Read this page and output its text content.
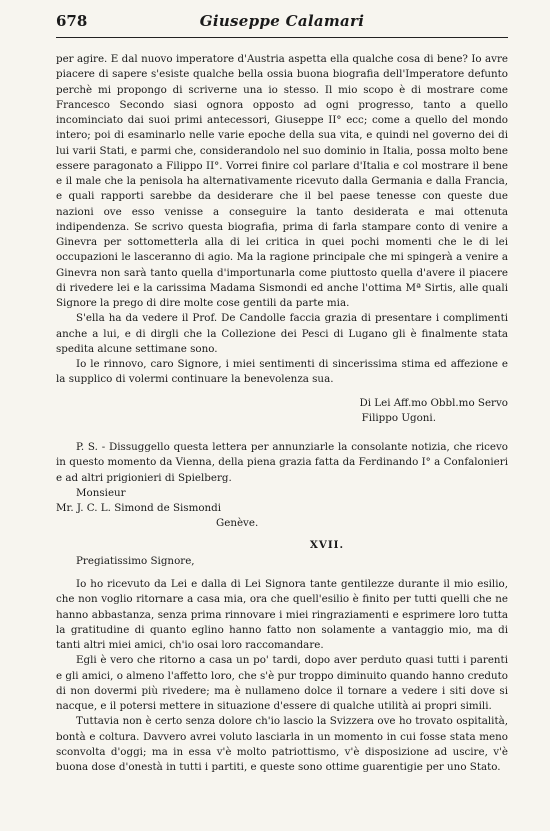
678	Giuseppe Calamari

per agire. E dal nuovo imperatore d'Austria aspetta ella qualche cosa di bene? Io avre piacere di sapere s'esiste qualche bella ossia buona biografia dell'Imperatore defunto perchè mi propongo di scriverne una io stesso. Il mio scopo è di mostrare come Francesco Secondo siasi ognora opposto ad ogni progresso, tanto a quello incominciato dai suoi primi antecessori, Giuseppe II° ecc; come a quello del mondo intero; poi di esaminarlo nelle varie epoche della sua vita, e quindi nel governo dei di lui varii Stati, e parmi che, considerandolo nel suo dominio in Italia, possa molto bene essere paragonato a Filippo II°. Vorrei finire col parlare d'Italia e col mostrare il bene e il male che la penisola ha alternativamente ricevuto dalla Germania e dalla Francia, e quali rapporti sarebbe da desiderare che il bel paese tenesse con queste due nazioni ove esso venisse a conseguire la tanto desiderata e mai ottenuta indipendenza. Se scrivo questa biografia, prima di farla stampare conto di venire a Ginevra per sottometterla alla di lei critica in quei pochi momenti che le di lei occupazioni le lasceranno di agio. Ma la ragione principale che mi spingerà a venire a Ginevra non sarà tanto quella d'importunarla come piuttosto quella d'avere il piacere di rivedere lei e la carissima Madama Sismondi ed anche l'ottima Mª Sirtis, alle quali Signore la prego di dire molte cose gentili da parte mia.

S'ella ha da vedere il Prof. De Candolle faccia grazia di presentare i complimenti anche a lui, e di dirgli che la Collezione dei Pesci di Lugano gli è finalmente stata spedita alcune settimane sono.

Io le rinnovo, caro Signore, i miei sentimenti di sincerissima stima ed affezione e la supplico di volermi continuare la benevolenza sua.

Di Lei Aff.mo Obbl.mo Servo
Filippo Ugoni.

P. S. - Dissuggello questa lettera per annunziarle la consolante notizia, che ricevo in questo momento da Vienna, della piena grazia fatta da Ferdinando I° a Confalonieri e ad altri prigionieri di Spielberg.

Monsieur
Mr. J. C. L. Simond de Sismondi
Genève.
XVII.

Pregiatissimo Signore,

Io ho ricevuto da Lei e dalla di Lei Signora tante gentilezze durante il mio esilio, che non voglio ritornare a casa mia, ora che quell'esilio è finito per tutti quelli che ne hanno abbastanza, senza prima rinnovare i miei ringraziamenti e esprimere loro tutta la gratitudine di quanto eglino hanno fatto non solamente a vantaggio mio, ma di tanti altri miei amici, ch'io osai loro raccomandare.

Egli è vero che ritorno a casa un po' tardi, dopo aver perduto quasi tutti i parenti e gli amici, o almeno l'affetto loro, che s'è pur troppo diminuito quando hanno creduto di non dovermi più rivedere; ma è nullameno dolce il tornare a vedere i siti dove si nacque, e il potersi mettere in situazione d'essere di qualche utilità ai propri simili.

Tuttavia non è certo senza dolore ch'io lascio la Svizzera ove ho trovato ospitalità, bontà e coltura. Davvero avrei voluto lasciarla in un momento in cui fosse stata meno sconvolta d'oggi; ma in essa v'è molto patriottismo, v'è disposizione ad uscire, v'è buona dose d'onestà in tutti i partiti, e queste sono ottime guarentigie per uno Stato.
